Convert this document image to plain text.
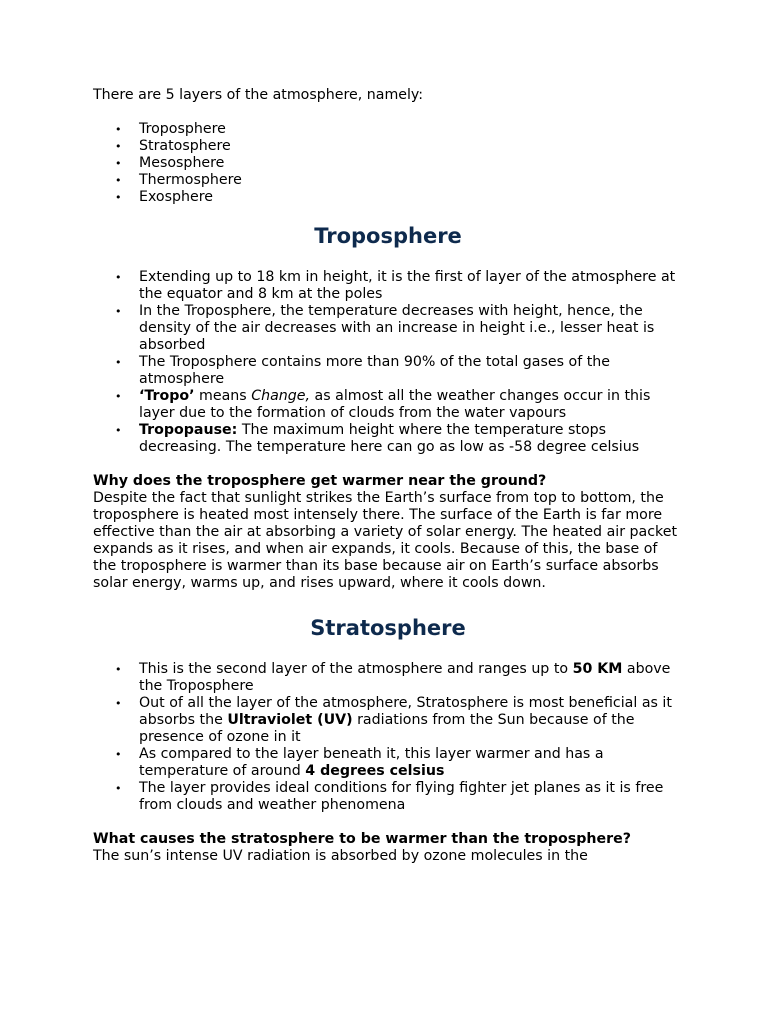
There are 5 layers of the atmosphere, namely:

• Troposphere
• Stratosphere
• Mesosphere
• Thermosphere
• Exosphere
Troposphere
• Extending up to 18 km in height, it is the first of layer of the atmosphere at the equator and 8 km at the poles
• In the Troposphere, the temperature decreases with height, hence, the density of the air decreases with an increase in height i.e., lesser heat is absorbed
• The Troposphere contains more than 90% of the total gases of the atmosphere
• ‘Tropo’ means Change, as almost all the weather changes occur in this layer due to the formation of clouds from the water vapours
• Tropopause: The maximum height where the temperature stops decreasing. The temperature here can go as low as -58 degree celsius

Why does the troposphere get warmer near the ground?

Despite the fact that sunlight strikes the Earth’s surface from top to bottom, the troposphere is heated most intensely there. The surface of the Earth is far more effective than the air at absorbing a variety of solar energy. The heated air packet expands as it rises, and when air expands, it cools. Because of this, the base of the troposphere is warmer than its base because air on Earth’s surface absorbs solar energy, warms up, and rises upward, where it cools down.

Stratosphere
• This is the second layer of the atmosphere and ranges up to 50 KM above the Troposphere
• Out of all the layer of the atmosphere, Stratosphere is most beneficial as it absorbs the Ultraviolet (UV) radiations from the Sun because of the presence of ozone in it
• As compared to the layer beneath it, this layer warmer and has a temperature of around 4 degrees celsius
• The layer provides ideal conditions for flying fighter jet planes as it is free from clouds and weather phenomena

What causes the stratosphere to be warmer than the troposphere?

The sun’s intense UV radiation is absorbed by ozone molecules in the
